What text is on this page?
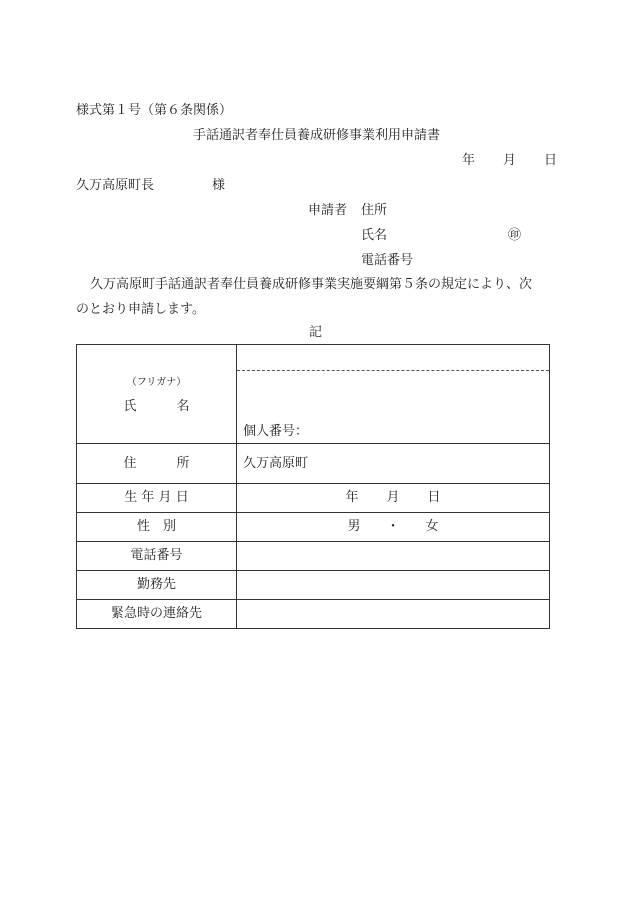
様式第１号（第６条関係）
手話通訳者奉仕員養成研修事業利用申請書
年 月 日
久万高原町長	様
申請者 住所
氏名	㊞
電話番号
久万高原町手話通訳者奉仕員養成研修事業実施要綱第５条の規定により、次
のとおり申請します。
記
（フリガナ）
氏 名	個人番号：

住 所	久万高原町
生 年 月 日	年 月 日
性　別	男 ・ 女
電話番号	
勤務先	
緊急時の連絡先	
